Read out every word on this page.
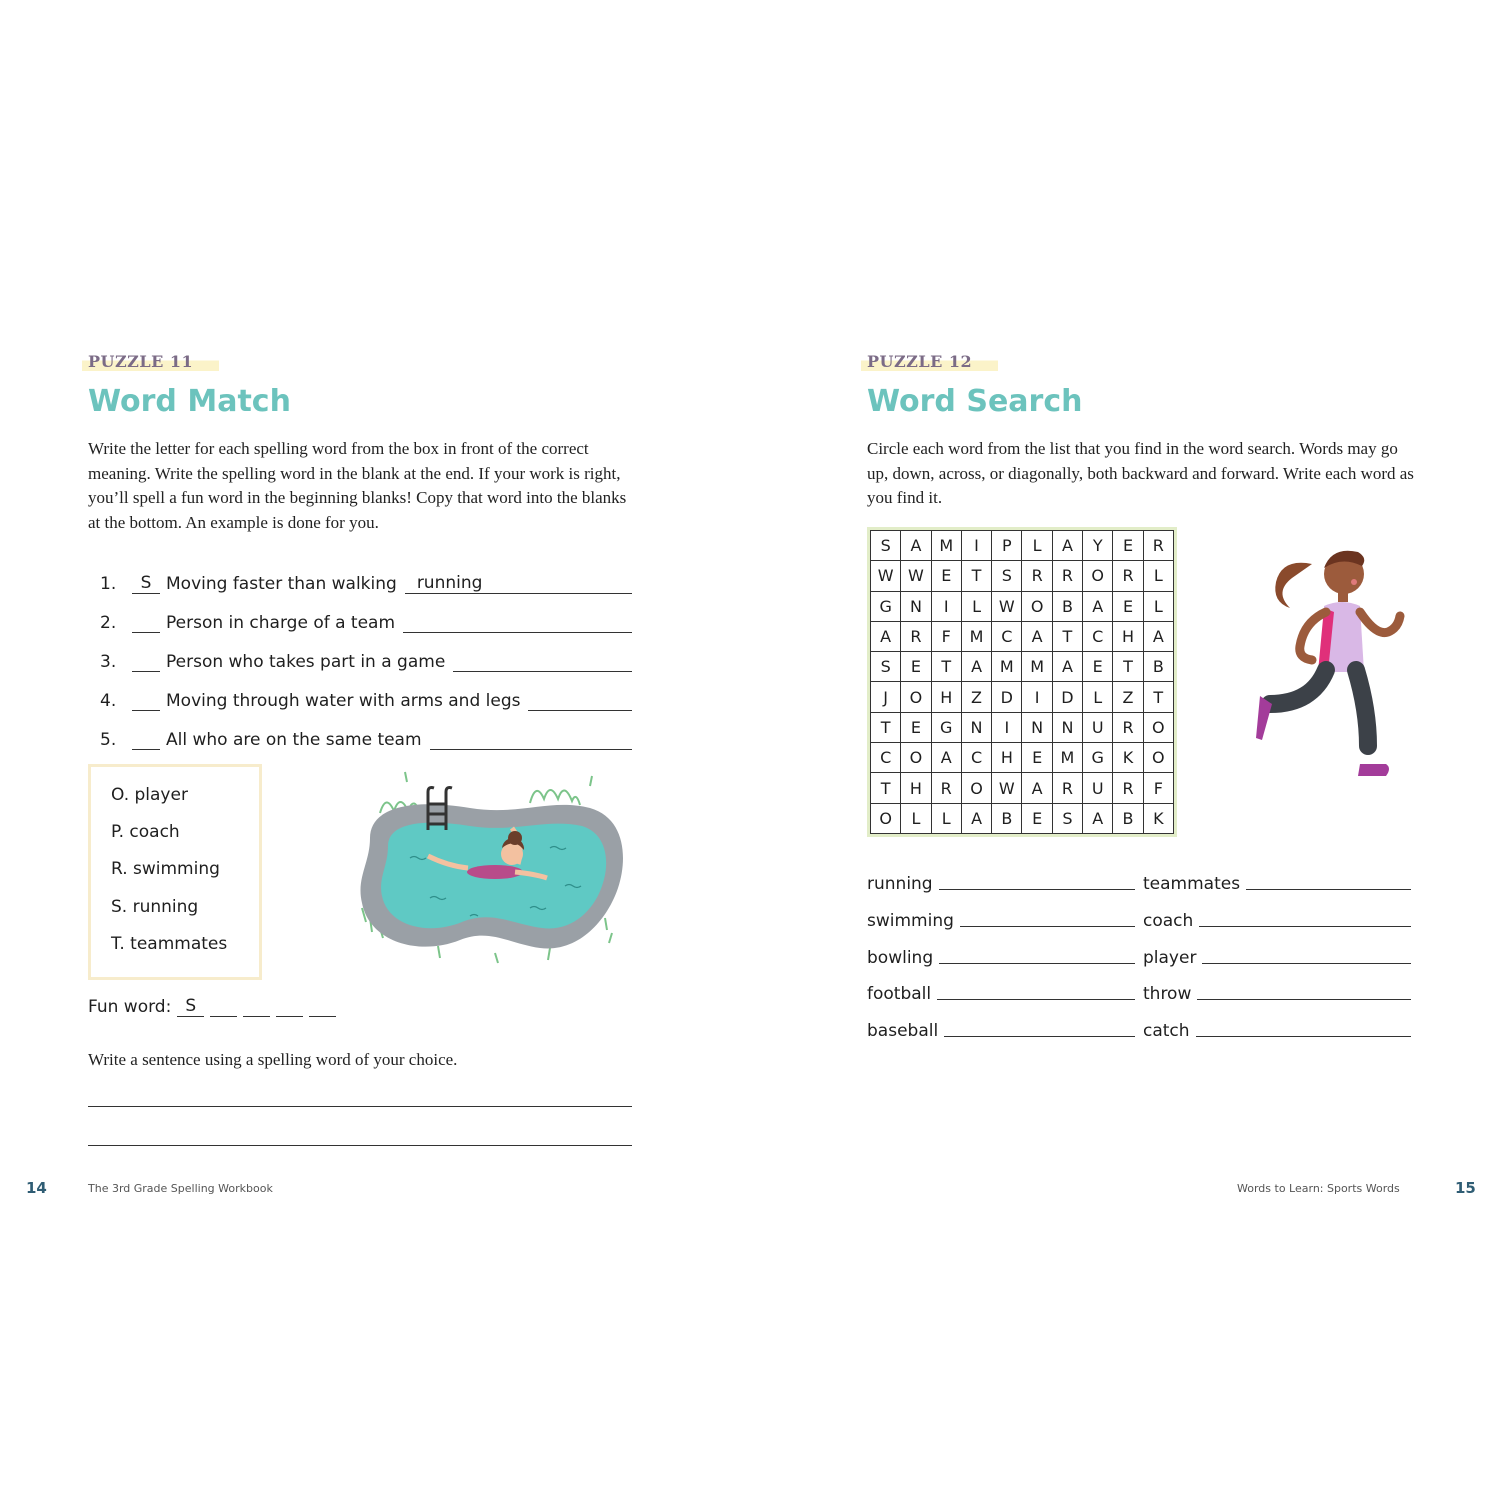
PUZZLE 11
Word Match
Write the letter for each spelling word from the box in front of the correct meaning. Write the spelling word in the blank at the end. If your work is right, you’ll spell a fun word in the beginning blanks! Copy that word into the blanks at the bottom. An example is done for you.
1.	S Moving faster than walking	running
2.	Person in charge of a team
3.	Person who takes part in a game
4.	Moving through water with arms and legs
5.	All who are on the same team
O. player
P. coach
R. swimming
S. running
T. teammates
Fun word: S
Write a sentence using a spelling word of your choice.
14	The 3rd Grade Spelling Workbook
PUZZLE 12
Word Search
Circle each word from the list that you find in the word search. Words may go up, down, across, or diagonally, both backward and forward. Write each word as you find it.
S	A	M	I	P	L	A	Y	E	R
W	W	E	T	S	R	R	O	R	L
G	N	I	L	W	O	B	A	E	L
A	R	F	M	C	A	T	C	H	A
S	E	T	A	M	M	A	E	T	B
J	O	H	Z	D	I	D	L	Z	T
T	E	G	N	I	N	N	U	R	O
C	O	A	C	H	E	M	G	K	O
T	H	R	O	W	A	R	U	R	F
O	L	L	A	B	E	S	A	B	K
running	teammates
swimming	coach
bowling	player
football	throw
baseball	catch
Words to Learn: Sports Words	15
